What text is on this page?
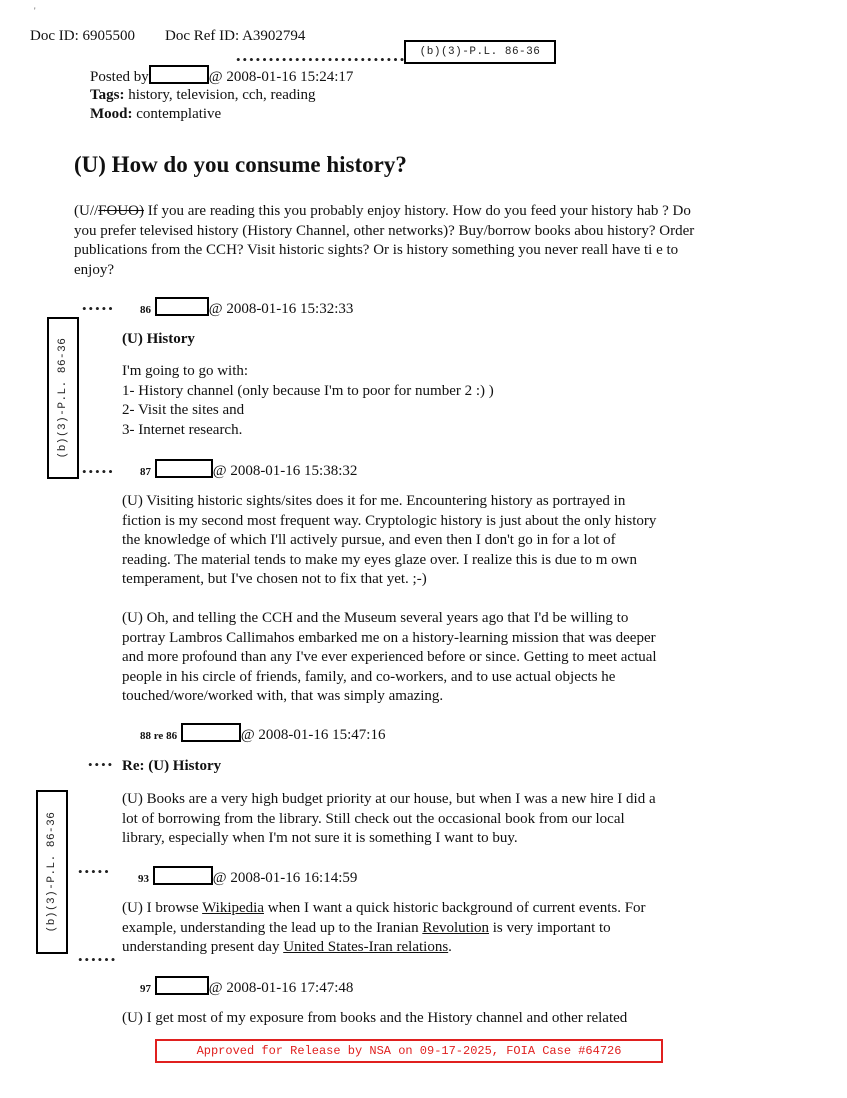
'
Doc ID: 6905500 Doc Ref ID: A3902794
(b)(3)-P.L. 86-36
••••••••••••••••••••••••••
Posted by	@ 2008-01-16 15:24:17
Tags: history, television, cch, reading
Mood: contemplative
(U) How do you consume history?
(U//FOUO) If you are reading this you probably enjoy history. How do you feed your history hab ? Do
you prefer televised history (History Channel, other networks)? Buy/borrow books abou history? Order
publications from the CCH? Visit historic sights? Or is history something you never reall have ti e to
enjoy?
(b)(3)-P.L. 86-36
•••••
•••••
86	@ 2008-01-16 15:32:33
(U) History
I'm going to go with:
1- History channel (only because I'm to poor for number 2 :) )
2- Visit the sites and
3- Internet research.
87	@ 2008-01-16 15:38:32
(U) Visiting historic sights/sites does it for me. Encountering history as portrayed in
fiction is my second most frequent way. Cryptologic history is just about the only history
the knowledge of which I'll actively pursue, and even then I don't go in for a lot of
reading. The material tends to make my eyes glaze over. I realize this is due to m own
temperament, but I've chosen not to fix that yet. ;-)
(U) Oh, and telling the CCH and the Museum several years ago that I'd be willing to
portray Lambros Callimahos embarked me on a history-learning mission that was deeper
and more profound than any I've ever experienced before or since. Getting to meet actual
people in his circle of friends, family, and co-workers, and to use actual objects he
touched/wore/worked with, that was simply amazing.
88 re 86	@ 2008-01-16 15:47:16
•••• Re: (U) History
(U) Books are a very high budget priority at our house, but when I was a new hire I did a
lot of borrowing from the library. Still check out the occasional book from our local
library, especially when I'm not sure it is something I want to buy.
(b)(3)-P.L. 86-36 •••••
••••••
93	@ 2008-01-16 16:14:59
(U) I browse Wikipedia when I want a quick historic background of current events. For
example, understanding the lead up to the Iranian Revolution is very important to
understanding present day United States-Iran relations.
97	@ 2008-01-16 17:47:48
(U) I get most of my exposure from books and the History channel and other related
Approved for Release by NSA on 09-17-2025, FOIA Case #64726
